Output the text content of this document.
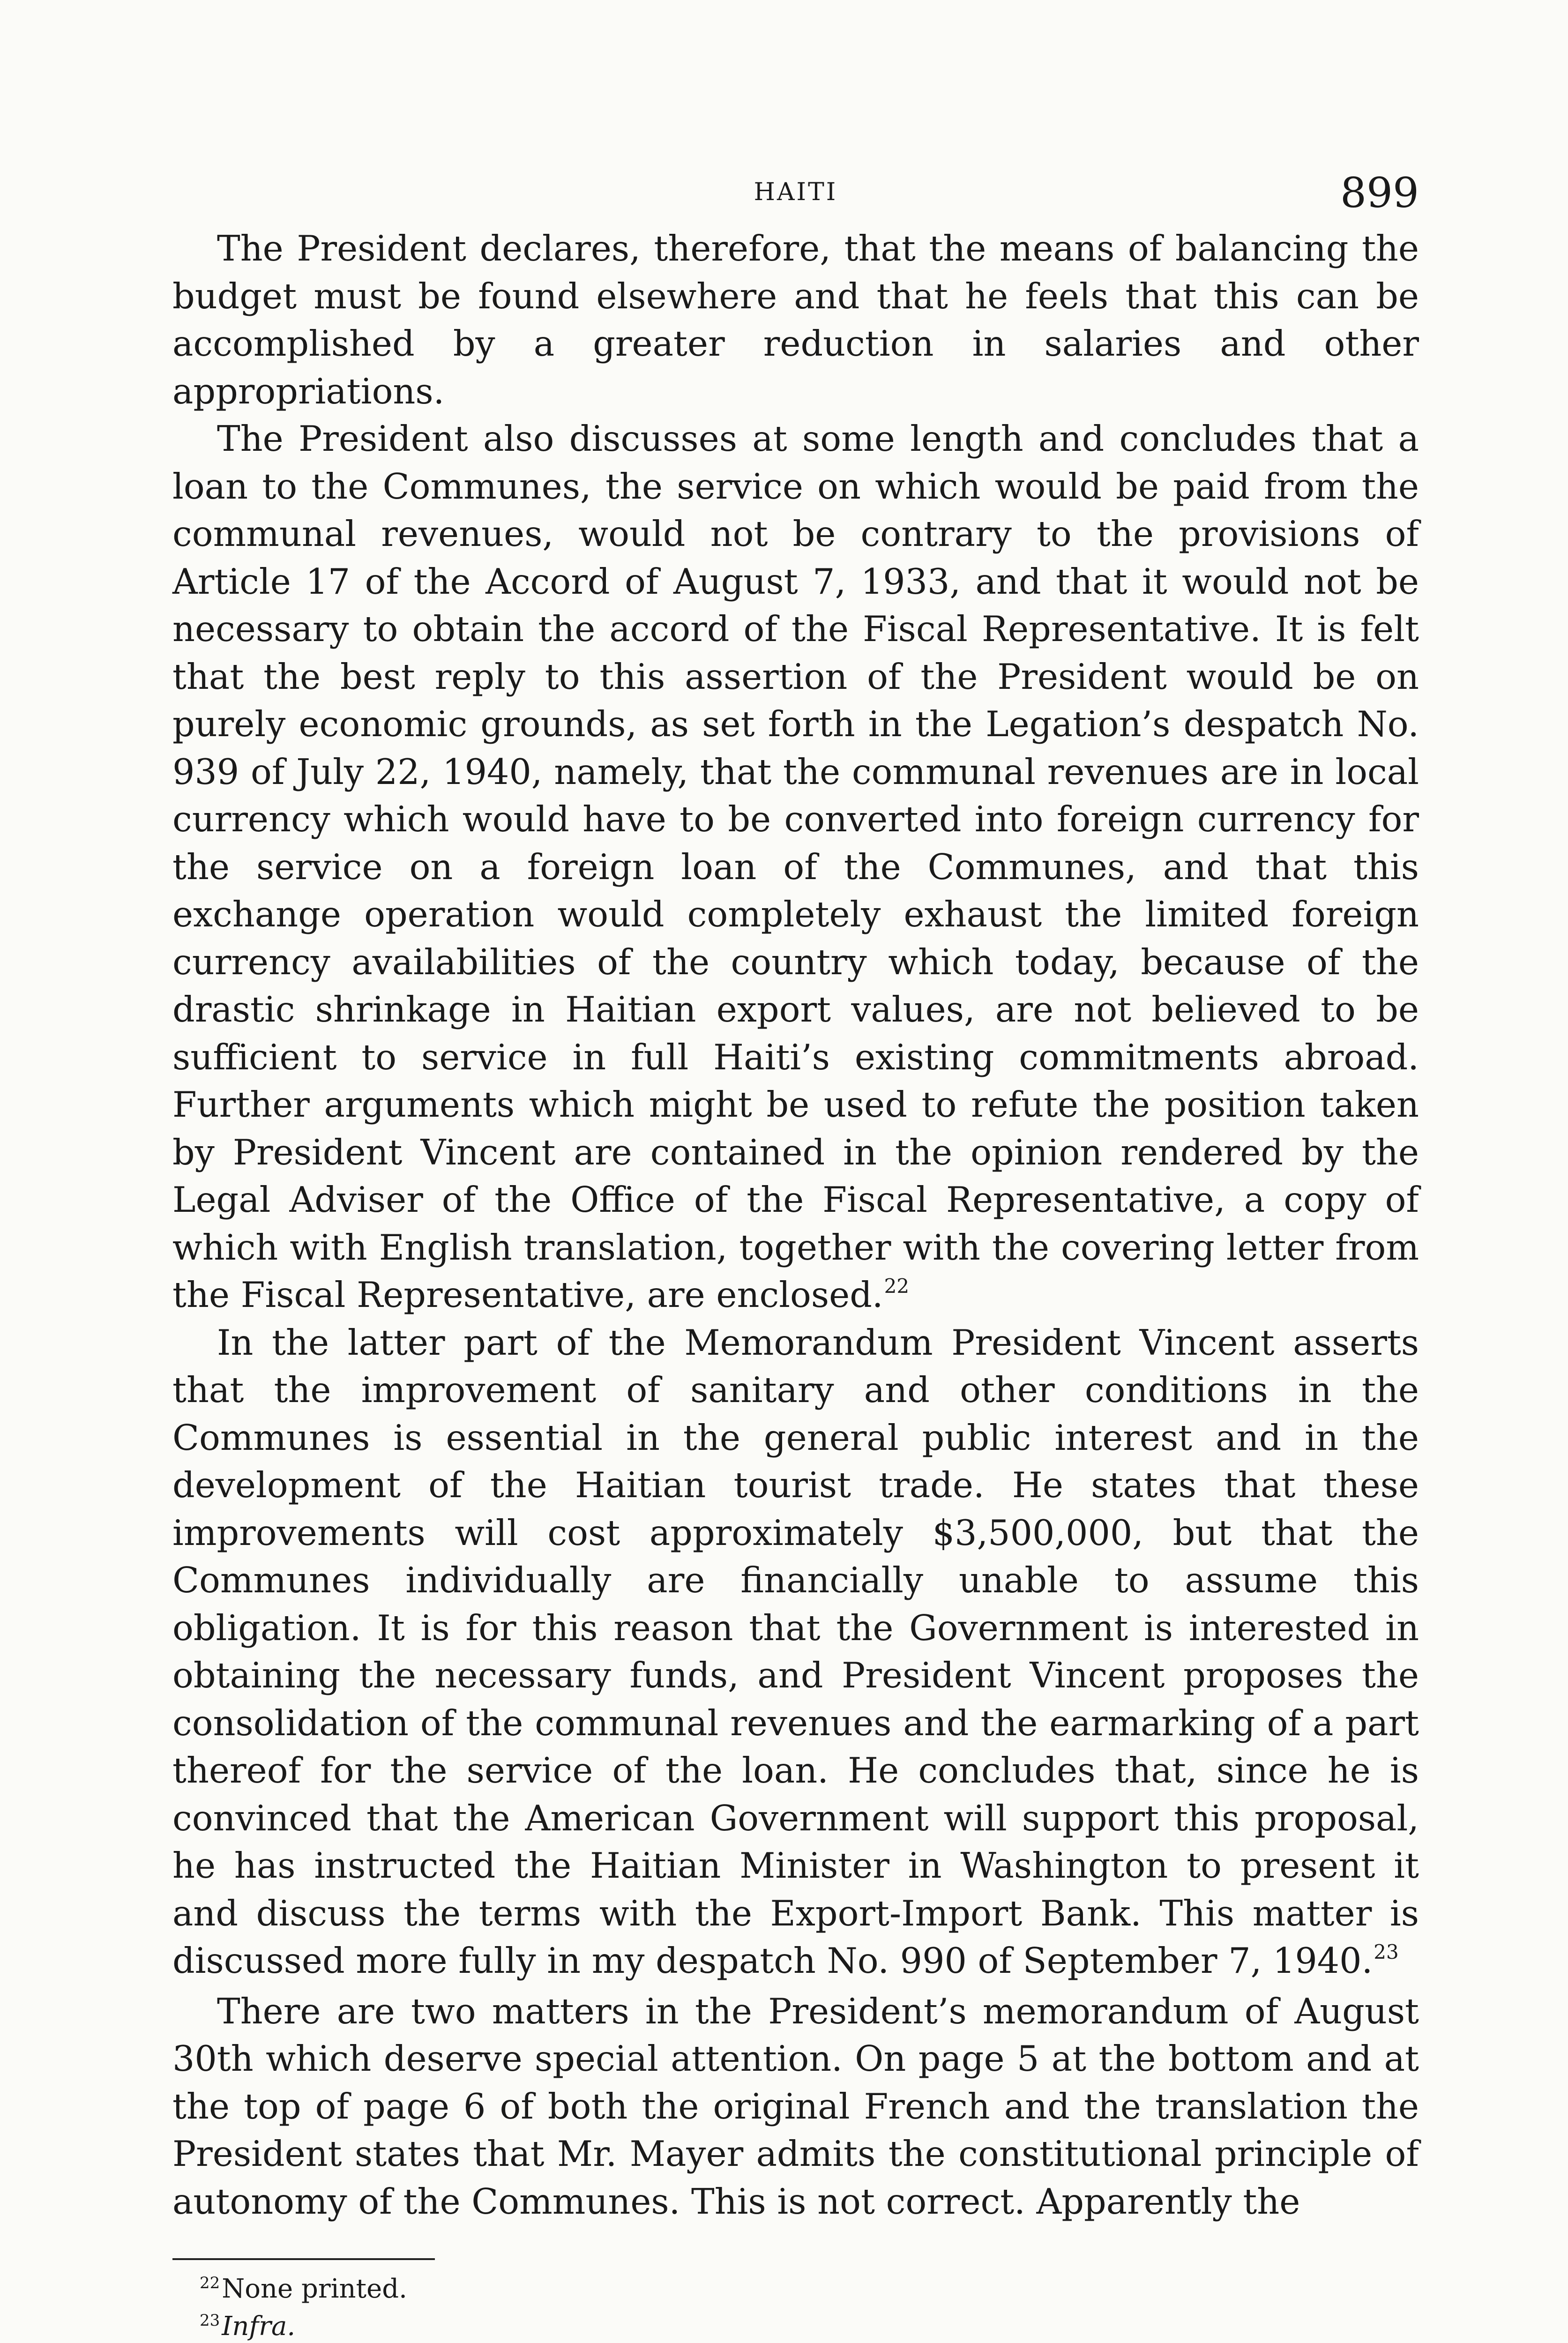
HAITI	899

The President declares, therefore, that the means of balancing the budget must be found elsewhere and that he feels that this can be accomplished by a greater reduction in salaries and other appropriations.

The President also discusses at some length and concludes that a loan to the Communes, the service on which would be paid from the communal revenues, would not be contrary to the provisions of Article 17 of the Accord of August 7, 1933, and that it would not be necessary to obtain the accord of the Fiscal Representative. It is felt that the best reply to this assertion of the President would be on purely economic grounds, as set forth in the Legation’s despatch No. 939 of July 22, 1940, namely, that the communal revenues are in local currency which would have to be converted into foreign currency for the service on a foreign loan of the Communes, and that this exchange operation would completely exhaust the limited foreign currency availabilities of the country which today, because of the drastic shrinkage in Haitian export values, are not believed to be sufficient to service in full Haiti’s existing commitments abroad. Further arguments which might be used to refute the position taken by President Vincent are contained in the opinion rendered by the Legal Adviser of the Office of the Fiscal Representative, a copy of which with English translation, together with the covering letter from the Fiscal Representative, are enclosed.$^{22}$

In the latter part of the Memorandum President Vincent asserts that the improvement of sanitary and other conditions in the Communes is essential in the general public interest and in the development of the Haitian tourist trade. He states that these improvements will cost approximately $3,500,000, but that the Communes individually are financially unable to assume this obligation. It is for this reason that the Government is interested in obtaining the necessary funds, and President Vincent proposes the consolidation of the communal revenues and the earmarking of a part thereof for the service of the loan. He concludes that, since he is convinced that the American Government will support this proposal, he has instructed the Haitian Minister in Washington to present it and discuss the terms with the Export-Import Bank. This matter is discussed more fully in my despatch No. 990 of September 7, 1940.23

There are two matters in the President’s memorandum of August 30th which deserve special attention. On page 5 at the bottom and at the top of page 6 of both the original French and the translation the President states that Mr. Mayer admits the constitutional principle of autonomy of the Communes. This is not correct. Apparently the

$^{22}$None printed.
$^{23}$Infra.
